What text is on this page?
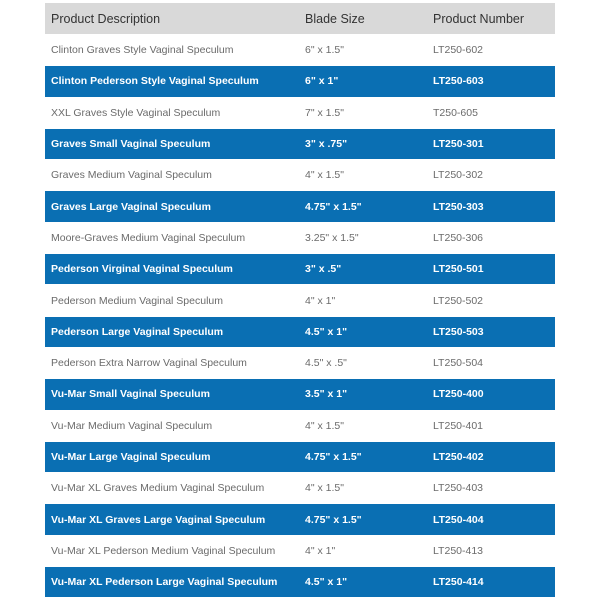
Product Description	Blade Size	Product Number
Clinton Graves Style Vaginal Speculum	6" x 1.5"	LT250-602
Clinton Pederson Style Vaginal Speculum	6" x 1"	LT250-603
XXL Graves Style Vaginal Speculum	7" x 1.5"	T250-605
Graves Small Vaginal Speculum	3" x .75"	LT250-301
Graves Medium Vaginal Speculum	4" x 1.5"	LT250-302
Graves Large Vaginal Speculum	4.75" x 1.5"	LT250-303
Moore-Graves Medium Vaginal Speculum	3.25" x 1.5"	LT250-306
Pederson Virginal Vaginal Speculum	3" x .5"	LT250-501
Pederson Medium Vaginal Speculum	4" x 1"	LT250-502
Pederson Large Vaginal Speculum	4.5" x 1"	LT250-503
Pederson Extra Narrow Vaginal Speculum	4.5" x .5"	LT250-504
Vu-Mar Small Vaginal Speculum	3.5" x 1"	LT250-400
Vu-Mar Medium Vaginal Speculum	4" x 1.5"	LT250-401
Vu-Mar Large Vaginal Speculum	4.75" x 1.5"	LT250-402
Vu-Mar XL Graves Medium Vaginal Speculum	4" x 1.5"	LT250-403
Vu-Mar XL Graves Large Vaginal Speculum	4.75" x 1.5"	LT250-404
Vu-Mar XL Pederson Medium Vaginal Speculum	4" x 1"	LT250-413
Vu-Mar XL Pederson Large Vaginal Speculum	4.5" x 1"	LT250-414
